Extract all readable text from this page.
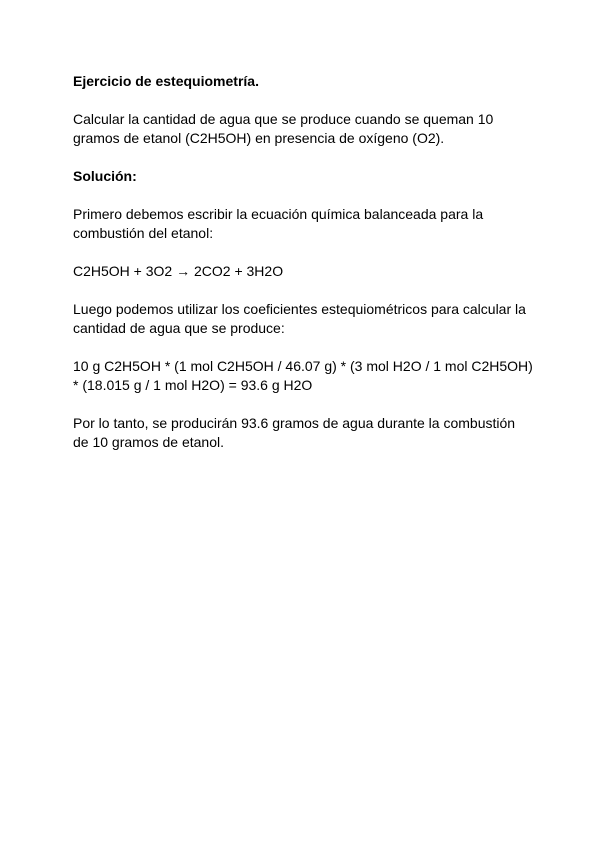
Ejercicio de estequiometría.

Calcular la cantidad de agua que se produce cuando se queman 10 gramos de etanol (C2H5OH) en presencia de oxígeno (O2).

Solución:

Primero debemos escribir la ecuación química balanceada para la combustión del etanol:

C2H5OH + 3O2 → 2CO2 + 3H2O

Luego podemos utilizar los coeficientes estequiométricos para calcular la cantidad de agua que se produce:

10 g C2H5OH * (1 mol C2H5OH / 46.07 g) * (3 mol H2O / 1 mol C2H5OH) * (18.015 g / 1 mol H2O) = 93.6 g H2O

Por lo tanto, se producirán 93.6 gramos de agua durante la combustión de 10 gramos de etanol.
